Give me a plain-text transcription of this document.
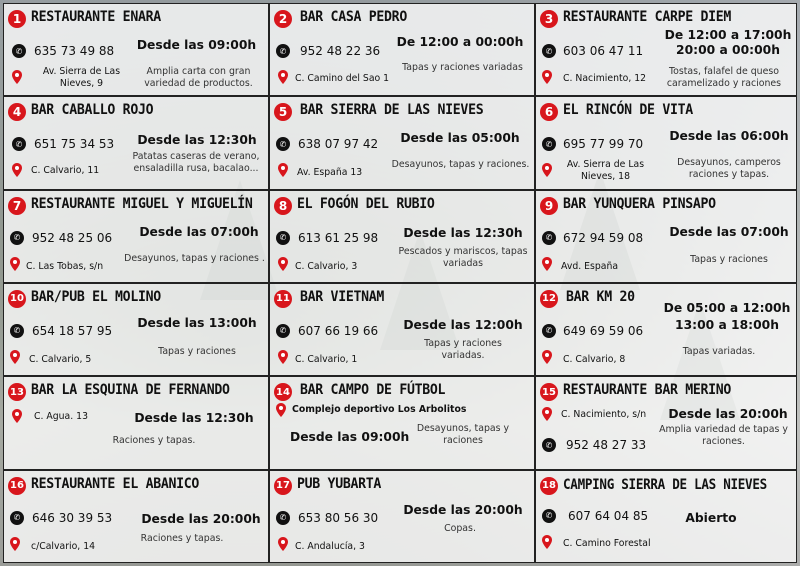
1 RESTAURANTE ENARA
✆ 635 73 49 88
Av. Sierra de Las Nieves, 9
Desde las 09:00h
Amplia carta con gran variedad de productos.
2 BAR CASA PEDRO
✆	952 48 22 36
C. Camino del Sao 1
De 12:00 a 00:00h
Tapas y raciones variadas
3 RESTAURANTE CARPE DIEM
✆ 603 06 47 11
C. Nacimiento, 12
De 12:00 a 17:00h 20:00 a 00:00h
Tostas, falafel de queso caramelizado y raciones
4 BAR CABALLO ROJO
✆ 651 75 34 53
C. Calvario, 11
Desde las 12:30h
Patatas caseras de verano, ensaladilla rusa, bacalao...
5 BAR SIERRA DE LAS NIEVES
✆ 638 07 97 42
Av. España 13
Desde las 05:00h
Desayunos, tapas y raciones.
6 EL RINCÓN DE VITA
✆ 695 77 99 70
Av. Sierra de Las Nieves, 18
Desde las 06:00h
Desayunos, camperos raciones y tapas.
7 RESTAURANTE MIGUEL Y MIGUELÍN
✆ 952 48 25 06
C. Las Tobas, s/n
Desde las 07:00h
Desayunos, tapas y raciones .
8 EL FOGÓN DEL RUBIO
✆ 613 61 25 98
C. Calvario, 3
Desde las 12:30h
Pescados y mariscos, tapas variadas
9 BAR YUNQUERA PINSAPO
✆ 672 94 59 08
Avd. España
Desde las 07:00h
Tapas y raciones
10 BAR/PUB EL MOLINO
✆ 654 18 57 95
C. Calvario, 5
Desde las 13:00h
Tapas y raciones
11 BAR VIETNAM
✆ 607 66 19 66
C. Calvario, 1
Desde las 12:00h
Tapas y raciones variadas.
12 BAR KM 20
✆ 649 69 59 06
De 05:00 a 12:00h 13:00 a 18:00h
C. Calvario, 8
Tapas variadas.
13 BAR LA ESQUINA DE FERNANDO
C. Agua. 13	Desde las 12:30h
Raciones y tapas.
14 BAR CAMPO DE FÚTBOL
Complejo deportivo Los Arbolitos
Desde las 09:00h
Desayunos, tapas y raciones
15 RESTAURANTE BAR MERINO
C. Nacimiento, s/n
✆	952 48 27 33
Desde las 20:00h
Amplia variedad de tapas y raciones.
16 RESTAURANTE EL ABANICO
✆ 646 30 39 53
c/Calvario, 14
Desde las 20:00h
Raciones y tapas.
17 PUB YUBARTA
✆ 653 80 56 30
C. Andalucía, 3
Desde las 20:00h
Copas.
18 CAMPING SIERRA DE LAS NIEVES
✆	607 64 04 85
C. Camino Forestal
Abierto
